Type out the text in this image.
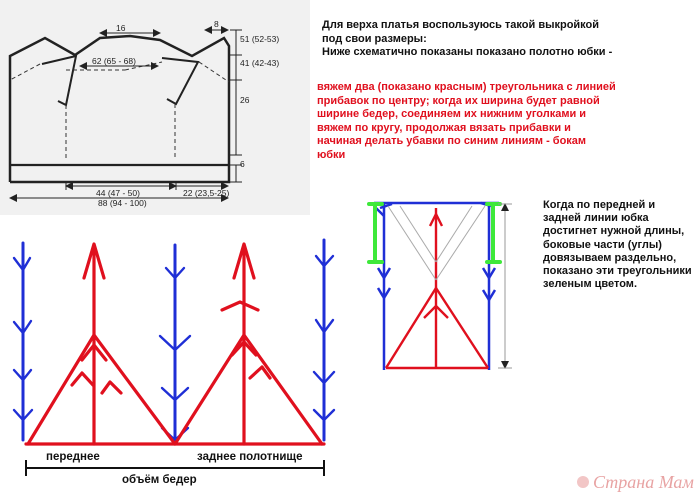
16	8
62 (65 - 68)
51 (52-53)
41 (42-43)
26
6
44 (47 - 50)	22 (23,5-25)
88 (94 - 100)
переднее	заднее полотнище
объём бедер	Страна Мам

Для верха платья воспользуюсь такой выкройкой под свои размеры:
Ниже схематично показаны показано полотно юбки -

вяжем два (показано красным) треугольника с линией прибавок по центру; когда их ширина будет равной ширине бедер, соединяем их нижним уголками и вяжем по кругу, продолжая вязать прибавки и начиная делать убавки по синим линиям - бокам юбки

Когда по передней и задней линии юбка достигнет нужной длины, боковые части (углы) довязываем раздельно, показано эти треугольники зеленым цветом.
